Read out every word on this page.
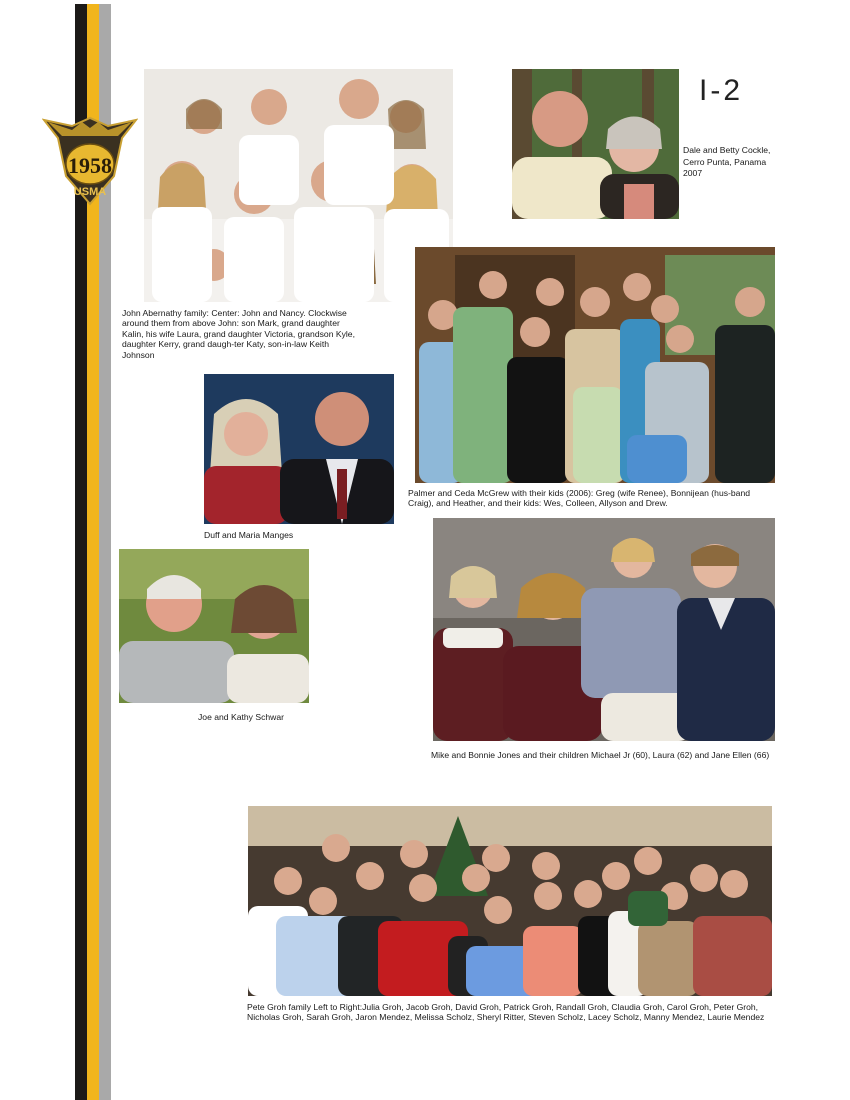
1958
USMA
I-2
John Abernathy family: Center: John and Nancy. Clockwise around them from above John: son Mark, grand daughter Kalin, his wife Laura, grand daughter Victoria, grandson Kyle, daughter Kerry, grand daugh-ter Katy, son-in-law Keith Johnson
Dale and Betty Cockle, Cerro Punta, Panama 2007
Palmer and Ceda McGrew with their kids (2006): Greg (wife Renee), Bonnijean (hus-band Craig), and Heather, and their kids: Wes, Colleen, Allyson and Drew.
Duff and Maria Manges
Joe and Kathy Schwar
Mike and Bonnie Jones and their children Michael Jr (60), Laura (62) and Jane Ellen (66)
Pete Groh family Left to Right:Julia Groh, Jacob Groh, David Groh, Patrick Groh, Randall Groh, Claudia Groh, Carol Groh, Peter Groh, Nicholas Groh, Sarah Groh, Jaron Mendez, Melissa Scholz, Sheryl Ritter, Steven Scholz, Lacey Scholz, Manny Mendez, Laurie Mendez
